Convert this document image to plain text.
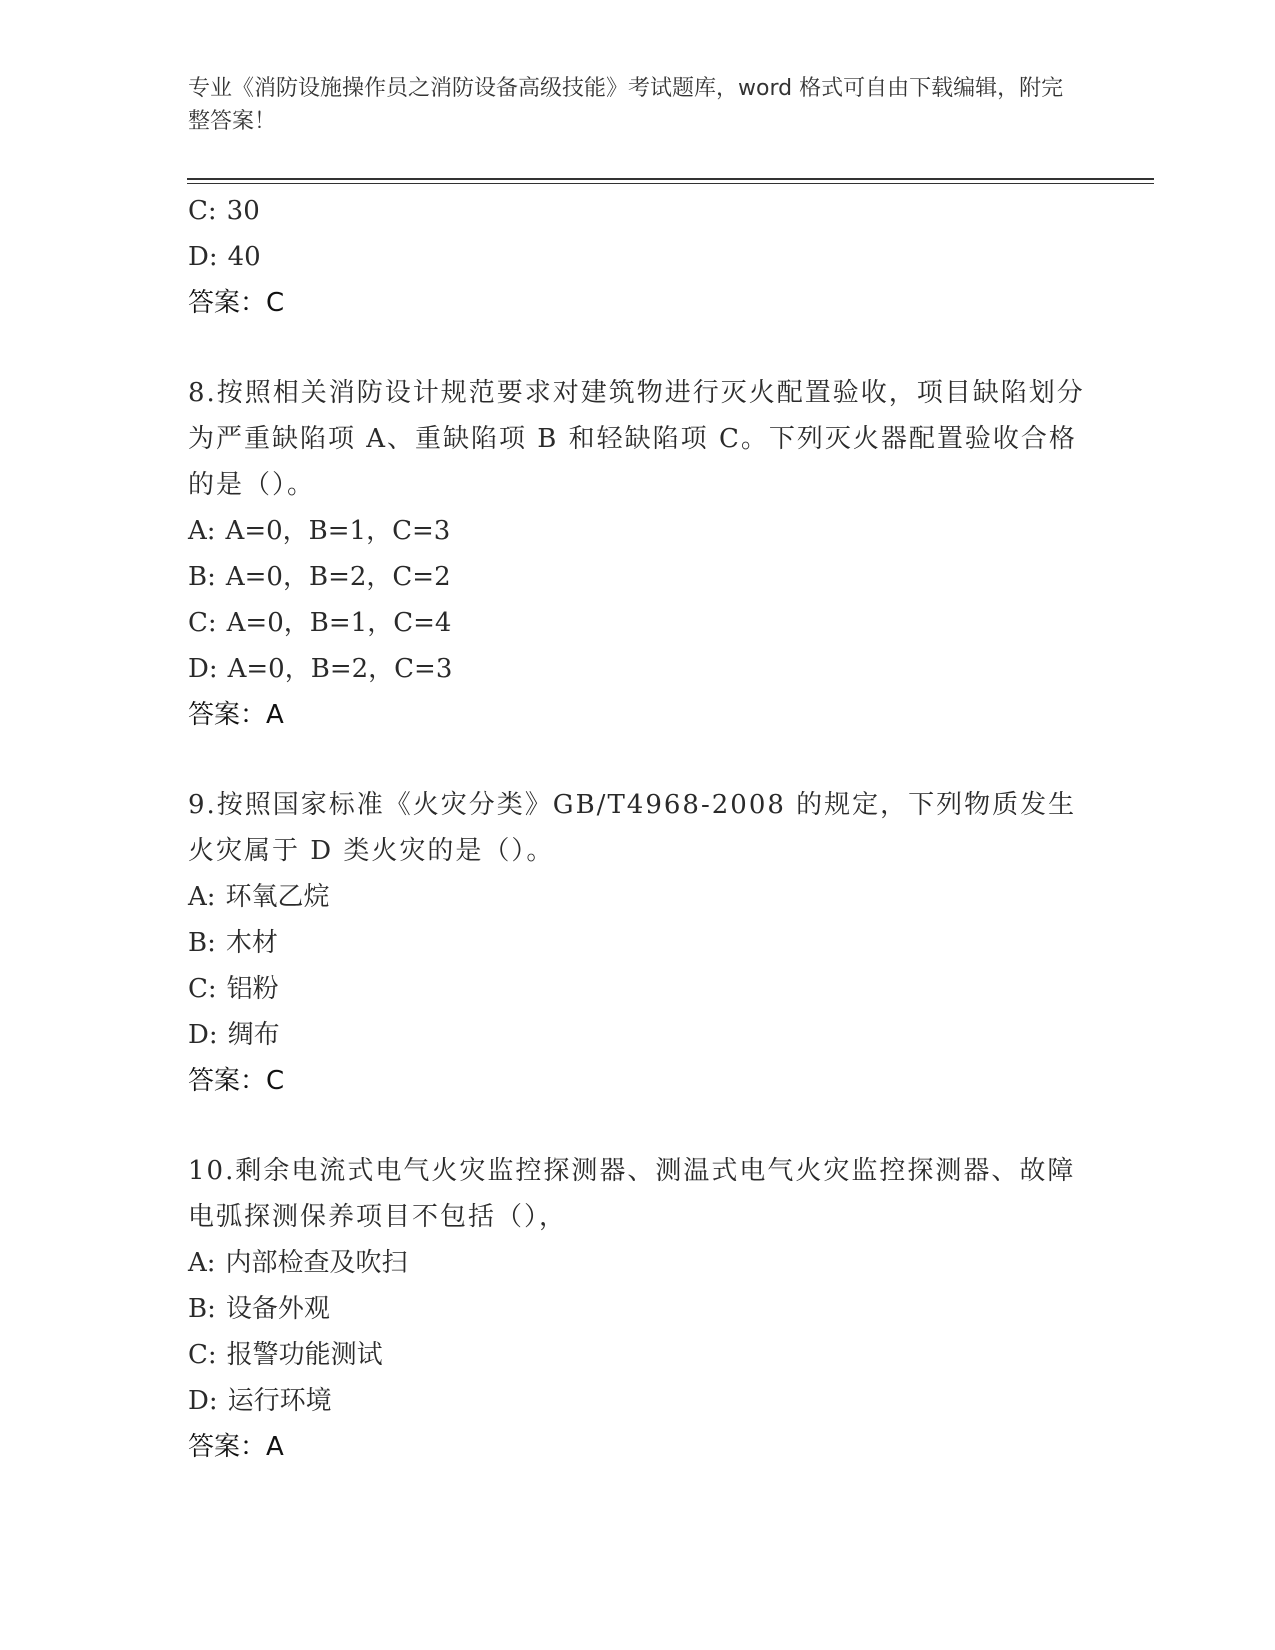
专业《消防设施操作员之消防设备高级技能》考试题库，word 格式可自由下载编辑，附完整答案！
C: 30
D: 40
答案：C
8.按照相关消防设计规范要求对建筑物进行灭火配置验收，项目缺陷划分为严重缺陷项 A、重缺陷项 B 和轻缺陷项 C。下列灭火器配置验收合格的是（）。
A: A=0，B=1，C=3
B: A=0，B=2，C=2
C: A=0，B=1，C=4
D: A=0，B=2，C=3
答案：A
9.按照国家标准《火灾分类》GB/T4968-2008 的规定，下列物质发生火灾属于 D 类火灾的是（）。
A: 环氧乙烷
B: 木材
C: 铝粉
D: 绸布
答案：C
10.剩余电流式电气火灾监控探测器、测温式电气火灾监控探测器、故障电弧探测保养项目不包括（），
A: 内部检查及吹扫
B: 设备外观
C: 报警功能测试
D: 运行环境
答案：A
